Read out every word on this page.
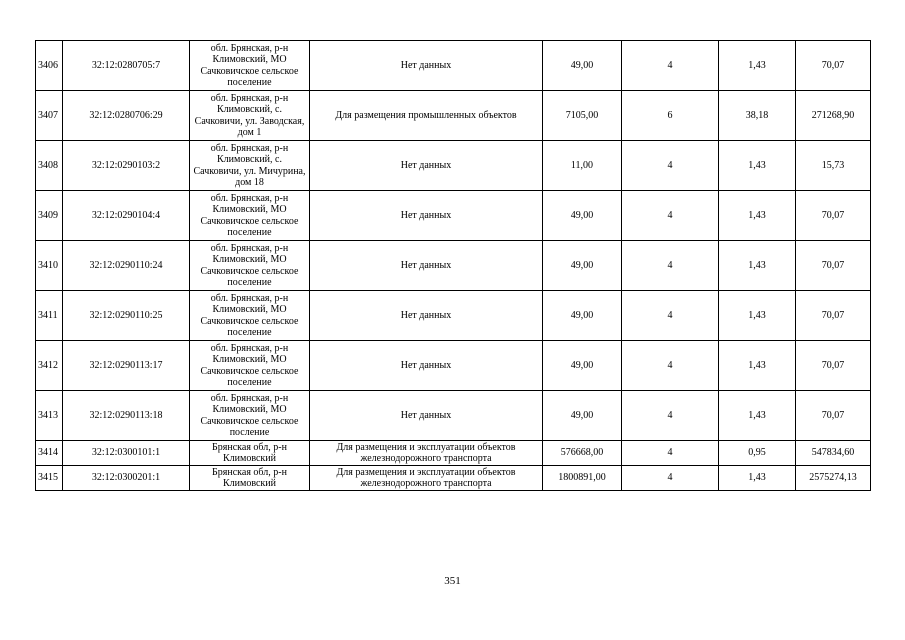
3406	32:12:0280705:7	обл. Брянская, р-н Климовский, МО Сачковичское сельское поселение	Нет данных	49,00	4	1,43	70,07
3407	32:12:0280706:29	обл. Брянская, р-н Климовский, с. Сачковичи, ул. Заводская, дом 1	Для размещения промышленных объектов	7105,00	6	38,18	271268,90
3408	32:12:0290103:2	обл. Брянская, р-н Климовский, с. Сачковичи, ул. Мичурина, дом 18	Нет данных	11,00	4	1,43	15,73
3409	32:12:0290104:4	обл. Брянская, р-н Климовский, МО Сачковичское сельское поселение	Нет данных	49,00	4	1,43	70,07
3410	32:12:0290110:24	обл. Брянская, р-н Климовский, МО Сачковичское сельское поселение	Нет данных	49,00	4	1,43	70,07
3411	32:12:0290110:25	обл. Брянская, р-н Климовский, МО Сачковичское сельское поселение	Нет данных	49,00	4	1,43	70,07
3412	32:12:0290113:17	обл. Брянская, р-н Климовский, МО Сачковичское сельское поселение	Нет данных	49,00	4	1,43	70,07
3413	32:12:0290113:18	обл. Брянская, р-н Климовский, МО Сачковичское сельское послениe	Нет данных	49,00	4	1,43	70,07
3414	32:12:0300101:1	Брянская обл, р-н Климовский	Для размещения и эксплуатации объектов железнодорожного транспорта	576668,00	4	0,95	547834,60
3415	32:12:0300201:1	Брянская обл, р-н Климовский	Для размещения и эксплуатации объектов железнодорожного транспорта	1800891,00	4	1,43	2575274,13
351
